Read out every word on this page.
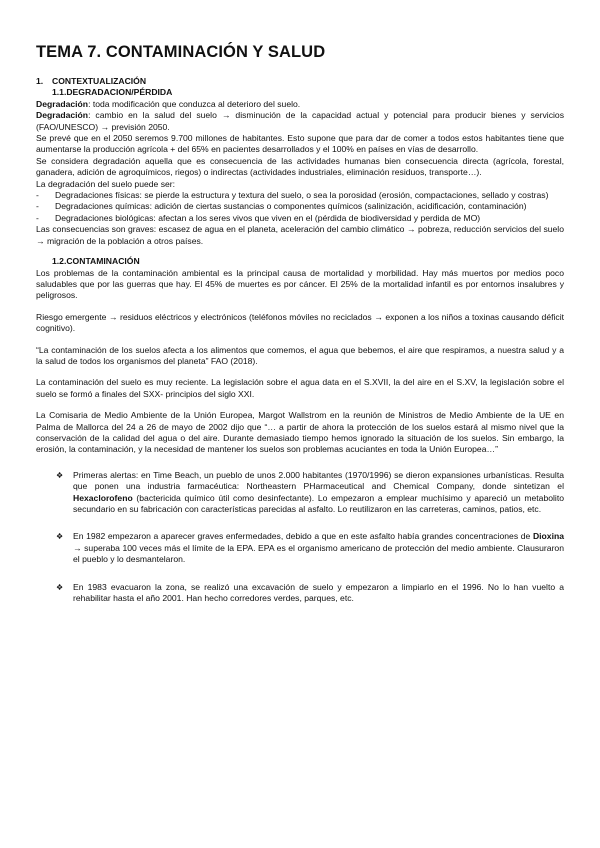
TEMA 7. CONTAMINACIÓN Y SALUD
1.	CONTEXTUALIZACIÓN
1.1.DEGRADACION/PÉRDIDA

Degradación: toda modificación que conduzca al deterioro del suelo.

Degradación: cambio en la salud del suelo → disminución de la capacidad actual y potencial para producir bienes y servicios (FAO/UNESCO) → previsión 2050.

Se prevé que en el 2050 seremos 9.700 millones de habitantes. Esto supone que para dar de comer a todos estos habitantes tiene que aumentarse la producción agrícola + del 65% en pacientes desarrollados y el 100% en países en vías de desarrollo.

Se considera degradación aquella que es consecuencia de las actividades humanas bien consecuencia directa (agrícola, forestal, ganadera, adición de agroquímicos, riegos) o indirectas (actividades industriales, eliminación residuos, transporte…).

La degradación del suelo puede ser:

- Degradaciones físicas: se pierde la estructura y textura del suelo, o sea la porosidad (erosión, compactaciones, sellado y costras)
- Degradaciones químicas: adición de ciertas sustancias o componentes químicos (salinización, acidificación, contaminación)
- Degradaciones biológicas: afectan a los seres vivos que viven en el (pérdida de biodiversidad y perdida de MO)

Las consecuencias son graves: escasez de agua en el planeta, aceleración del cambio climático → pobreza, reducción servicios del suelo → migración de la población a otros países.

1.2.CONTAMINACIÓN

Los problemas de la contaminación ambiental es la principal causa de mortalidad y morbilidad. Hay más muertos por medios poco saludables que por las guerras que hay. El 45% de muertes es por cáncer. El 25% de la mortalidad infantil es por entornos insalubres y peligrosos.

Riesgo emergente → residuos eléctricos y electrónicos (teléfonos móviles no reciclados → exponen a los niños a toxinas causando déficit cognitivo).

“La contaminación de los suelos afecta a los alimentos que comemos, el agua que bebemos, el aire que respiramos, a nuestra salud y a la salud de todos los organismos del planeta” FAO (2018).

La contaminación del suelo es muy reciente. La legislación sobre el agua data en el S.XVII, la del aire en el S.XV, la legislación sobre el suelo se formó a finales del SXX- principios del siglo XXI.

La Comisaria de Medio Ambiente de la Unión Europea, Margot Wallstrom en la reunión de Ministros de Medio Ambiente de la UE en Palma de Mallorca del 24 a 26 de mayo de 2002 dijo que “… a partir de ahora la protección de los suelos estará al mismo nivel que la conservación de la calidad del agua o del aire. Durante demasiado tiempo hemos ignorado la situación de los suelos. Sin embargo, la erosión, la contaminación, y la necesidad de mantener los suelos son problemas acuciantes en toda la Unión Europea…”

❖ Primeras alertas: en Time Beach, un pueblo de unos 2.000 habitantes (1970/1996) se dieron expansiones urbanísticas. Resulta que ponen una industria farmacéutica: Northeastern PHarmaceutical and Chemical Company, donde sintetizan el Hexaclorofeno (bactericida químico útil como desinfectante). Lo empezaron a emplear muchísimo y apareció un metabolito secundario en su fabricación con características parecidas al asfalto. Lo reutilizaron en las carreteras, caminos, patios, etc.
❖ En 1982 empezaron a aparecer graves enfermedades, debido a que en este asfalto había grandes concentraciones de Dioxina → superaba 100 veces más el límite de la EPA. EPA es el organismo americano de protección del medio ambiente. Clausuraron el pueblo y lo desmantelaron.
❖ En 1983 evacuaron la zona, se realizó una excavación de suelo y empezaron a limpiarlo en el 1996. No lo han vuelto a rehabilitar hasta el año 2001. Han hecho corredores verdes, parques, etc.
